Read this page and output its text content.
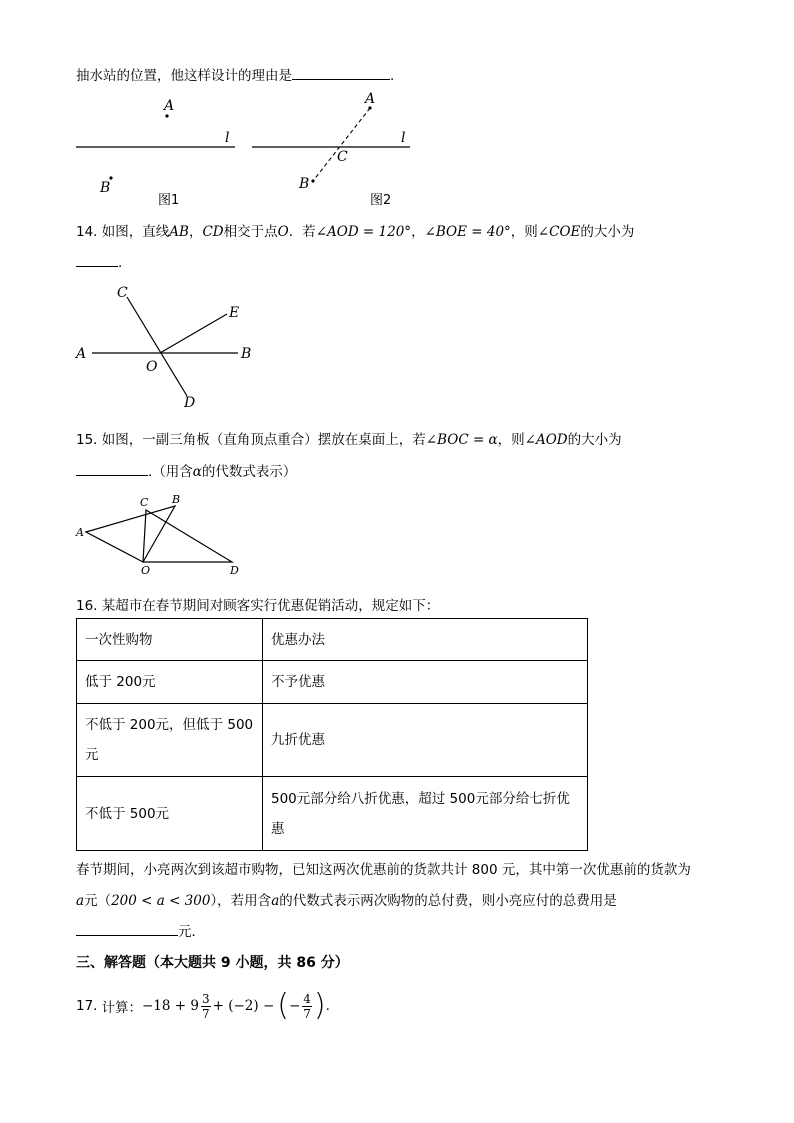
抽水站的位置，他这样设计的理由是	.
A
B
l
图1
A
B
C
l
图2
14. 如图，直线AB，CD相交于点O．若∠AOD = 120°，∠BOE = 40°，则∠COE的大小为
.
C
E
A	B
O
D
15. 如图，一副三角板（直角顶点重合）摆放在桌面上，若∠BOC = α，则∠AOD的大小为
.（用含α的代数式表示）
A
B
C
O	D
16. 某超市在春节期间对顾客实行优惠促销活动，规定如下：
一次性购物	优惠办法
低于 200元	不予优惠
不低于 200元，但低于 500元	九折优惠
不低于 500元	500元部分给八折优惠，超过 500元部分给七折优惠
春节期间，小亮两次到该超市购物，已知这两次优惠前的货款共计 800 元，其中第一次优惠前的货款为
a元（200 < a < 300），若用含a的代数式表示两次购物的总付费，则小亮应付的总费用是
元．
三、解答题（本大题共 9 小题，共 86 分）
17. 计算： $-18 + 9 \frac{3}{7} + (-2)$ − ( − $\frac{4}{7}$ ) .
